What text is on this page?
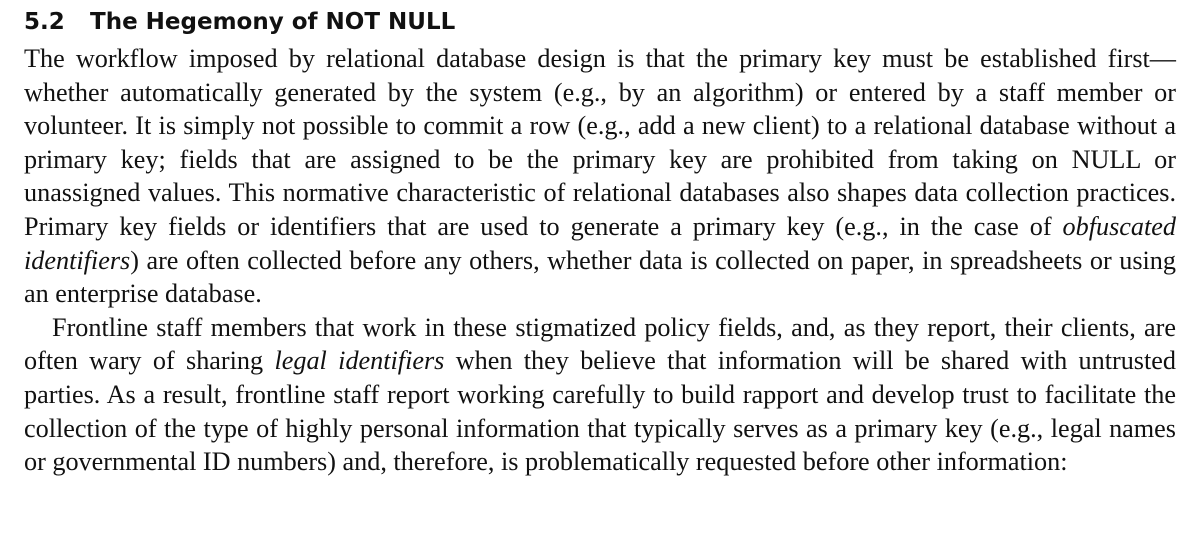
5.2 The Hegemony of NOT NULL

The workflow imposed by relational database design is that the primary key must be established first—whether automatically generated by the system (e.g., by an algorithm) or entered by a staff member or volunteer. It is simply not possible to commit a row (e.g., add a new client) to a relational database without a primary key; fields that are assigned to be the primary key are prohibited from taking on NULL or unassigned values. This normative characteristic of relational databases also shapes data collection practices. Primary key fields or identifiers that are used to generate a primary key (e.g., in the case of obfuscated identifiers) are often collected before any others, whether data is collected on paper, in spreadsheets or using an enterprise database.

Frontline staff members that work in these stigmatized policy fields, and, as they report, their clients, are often wary of sharing legal identifiers when they believe that information will be shared with untrusted parties. As a result, frontline staff report working carefully to build rapport and develop trust to facilitate the collection of the type of highly personal information that typically serves as a primary key (e.g., legal names or governmental ID numbers) and, therefore, is problematically requested before other information:
